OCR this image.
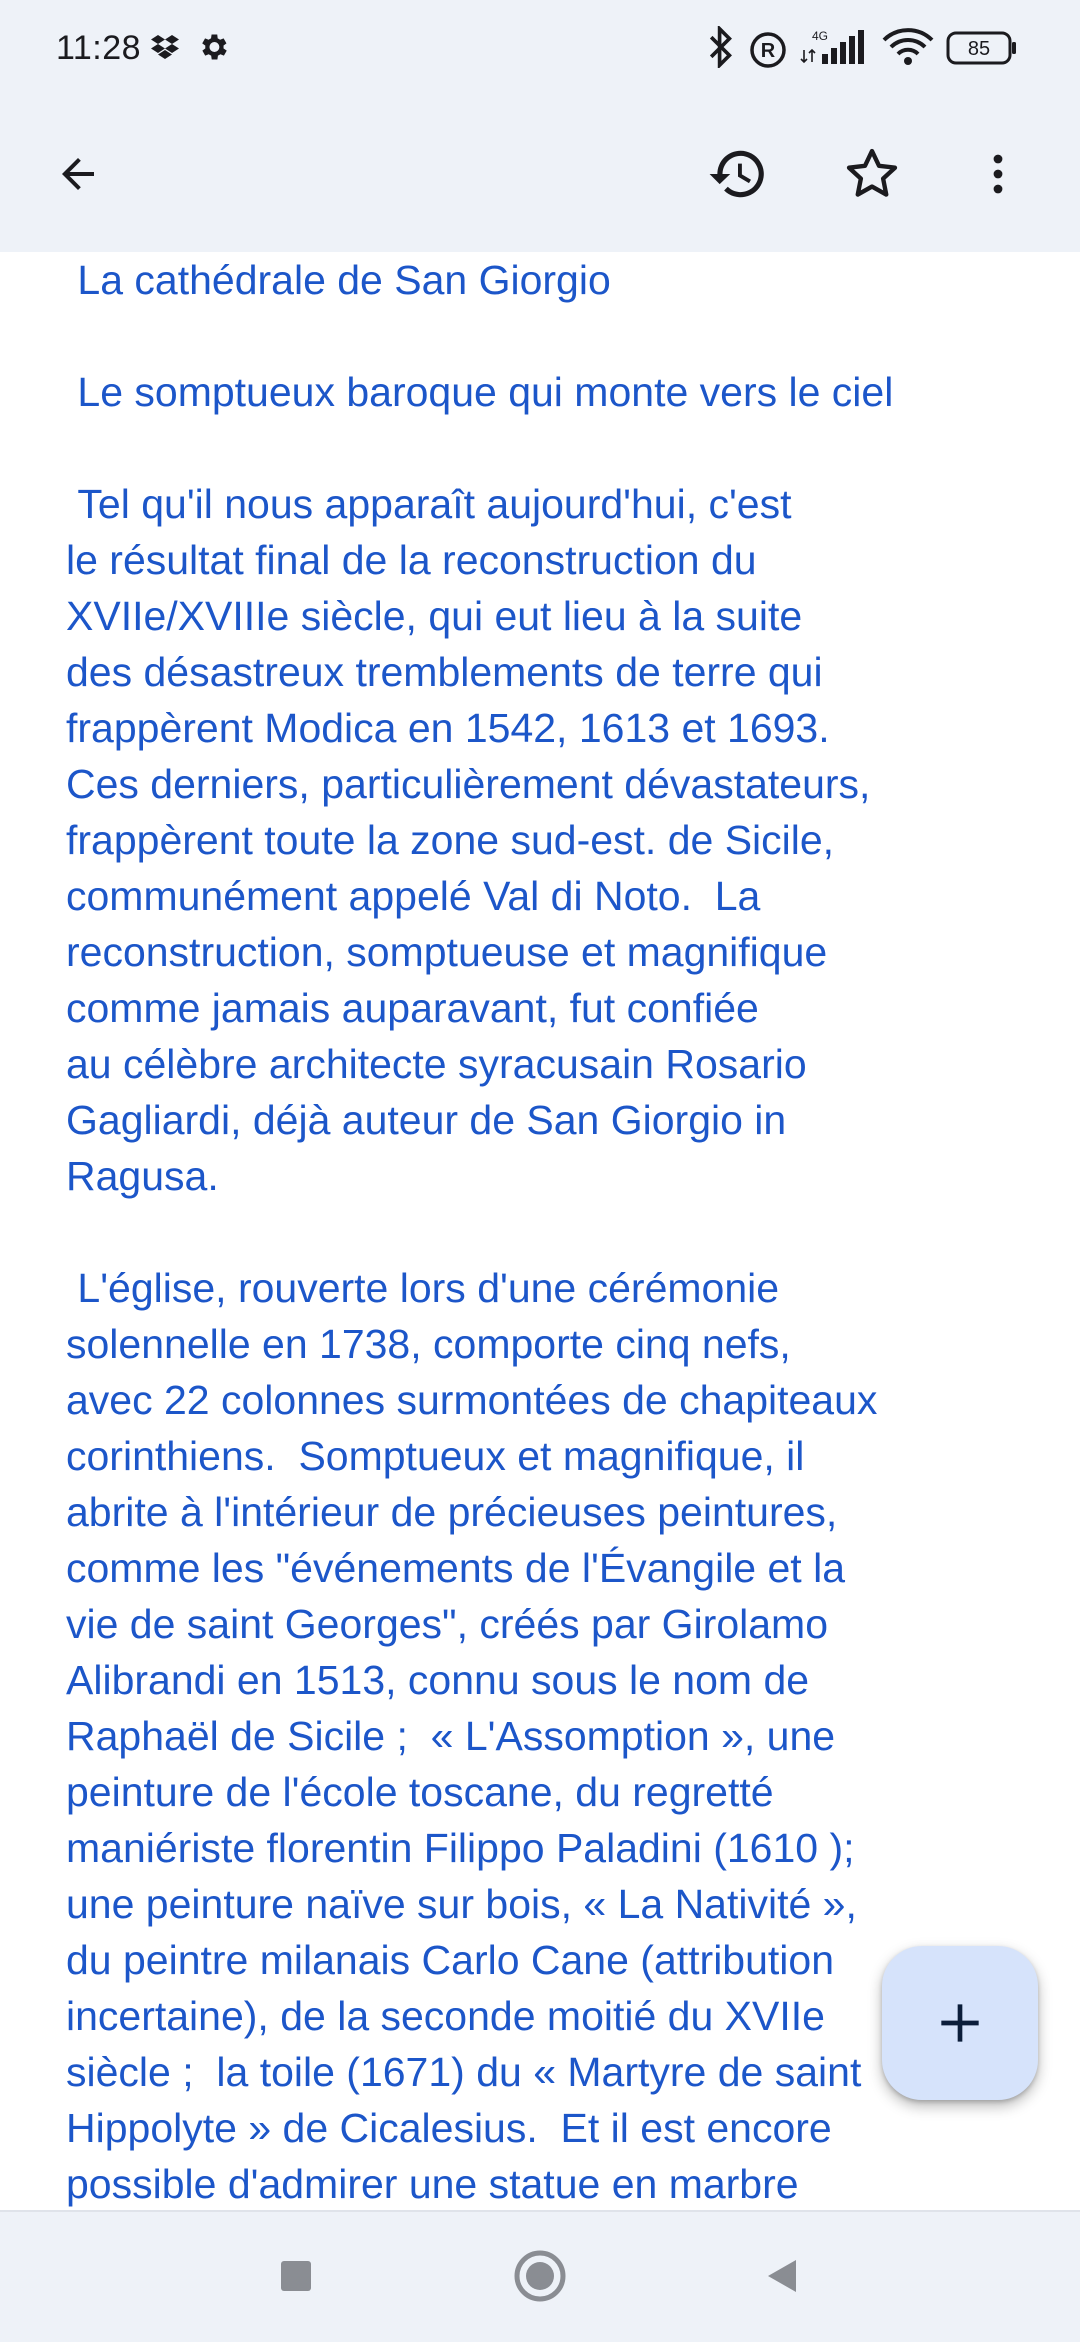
11:28	R
4G
85
La cathédrale de San Giorgio

Le somptueux baroque qui monte vers le ciel

Tel qu'il nous apparaît aujourd'hui, c'est
le résultat final de la reconstruction du
XVIIe/XVIIIe siècle, qui eut lieu à la suite
des désastreux tremblements de terre qui
frappèrent Modica en 1542, 1613 et 1693.
Ces derniers, particulièrement dévastateurs,
frappèrent toute la zone sud-est. de Sicile,
communément appelé Val di Noto.  La
reconstruction, somptueuse et magnifique
comme jamais auparavant, fut confiée
au célèbre architecte syracusain Rosario
Gagliardi, déjà auteur de San Giorgio in
Ragusa.

L'église, rouverte lors d'une cérémonie
solennelle en 1738, comporte cinq nefs,
avec 22 colonnes surmontées de chapiteaux
corinthiens.  Somptueux et magnifique, il
abrite à l'intérieur de précieuses peintures,
comme les "événements de l'Évangile et la
vie de saint Georges", créés par Girolamo
Alibrandi en 1513, connu sous le nom de
Raphaël de Sicile ;  « L'Assomption », une
peinture de l'école toscane, du regretté
maniériste florentin Filippo Paladini (1610 );
une peinture naïve sur bois, « La Nativité »,
du peintre milanais Carlo Cane (attribution
incertaine), de la seconde moitié du XVIIe
siècle ;  la toile (1671) du « Martyre de saint
Hippolyte » de Cicalesius.  Et il est encore
possible d'admirer une statue en marbre
